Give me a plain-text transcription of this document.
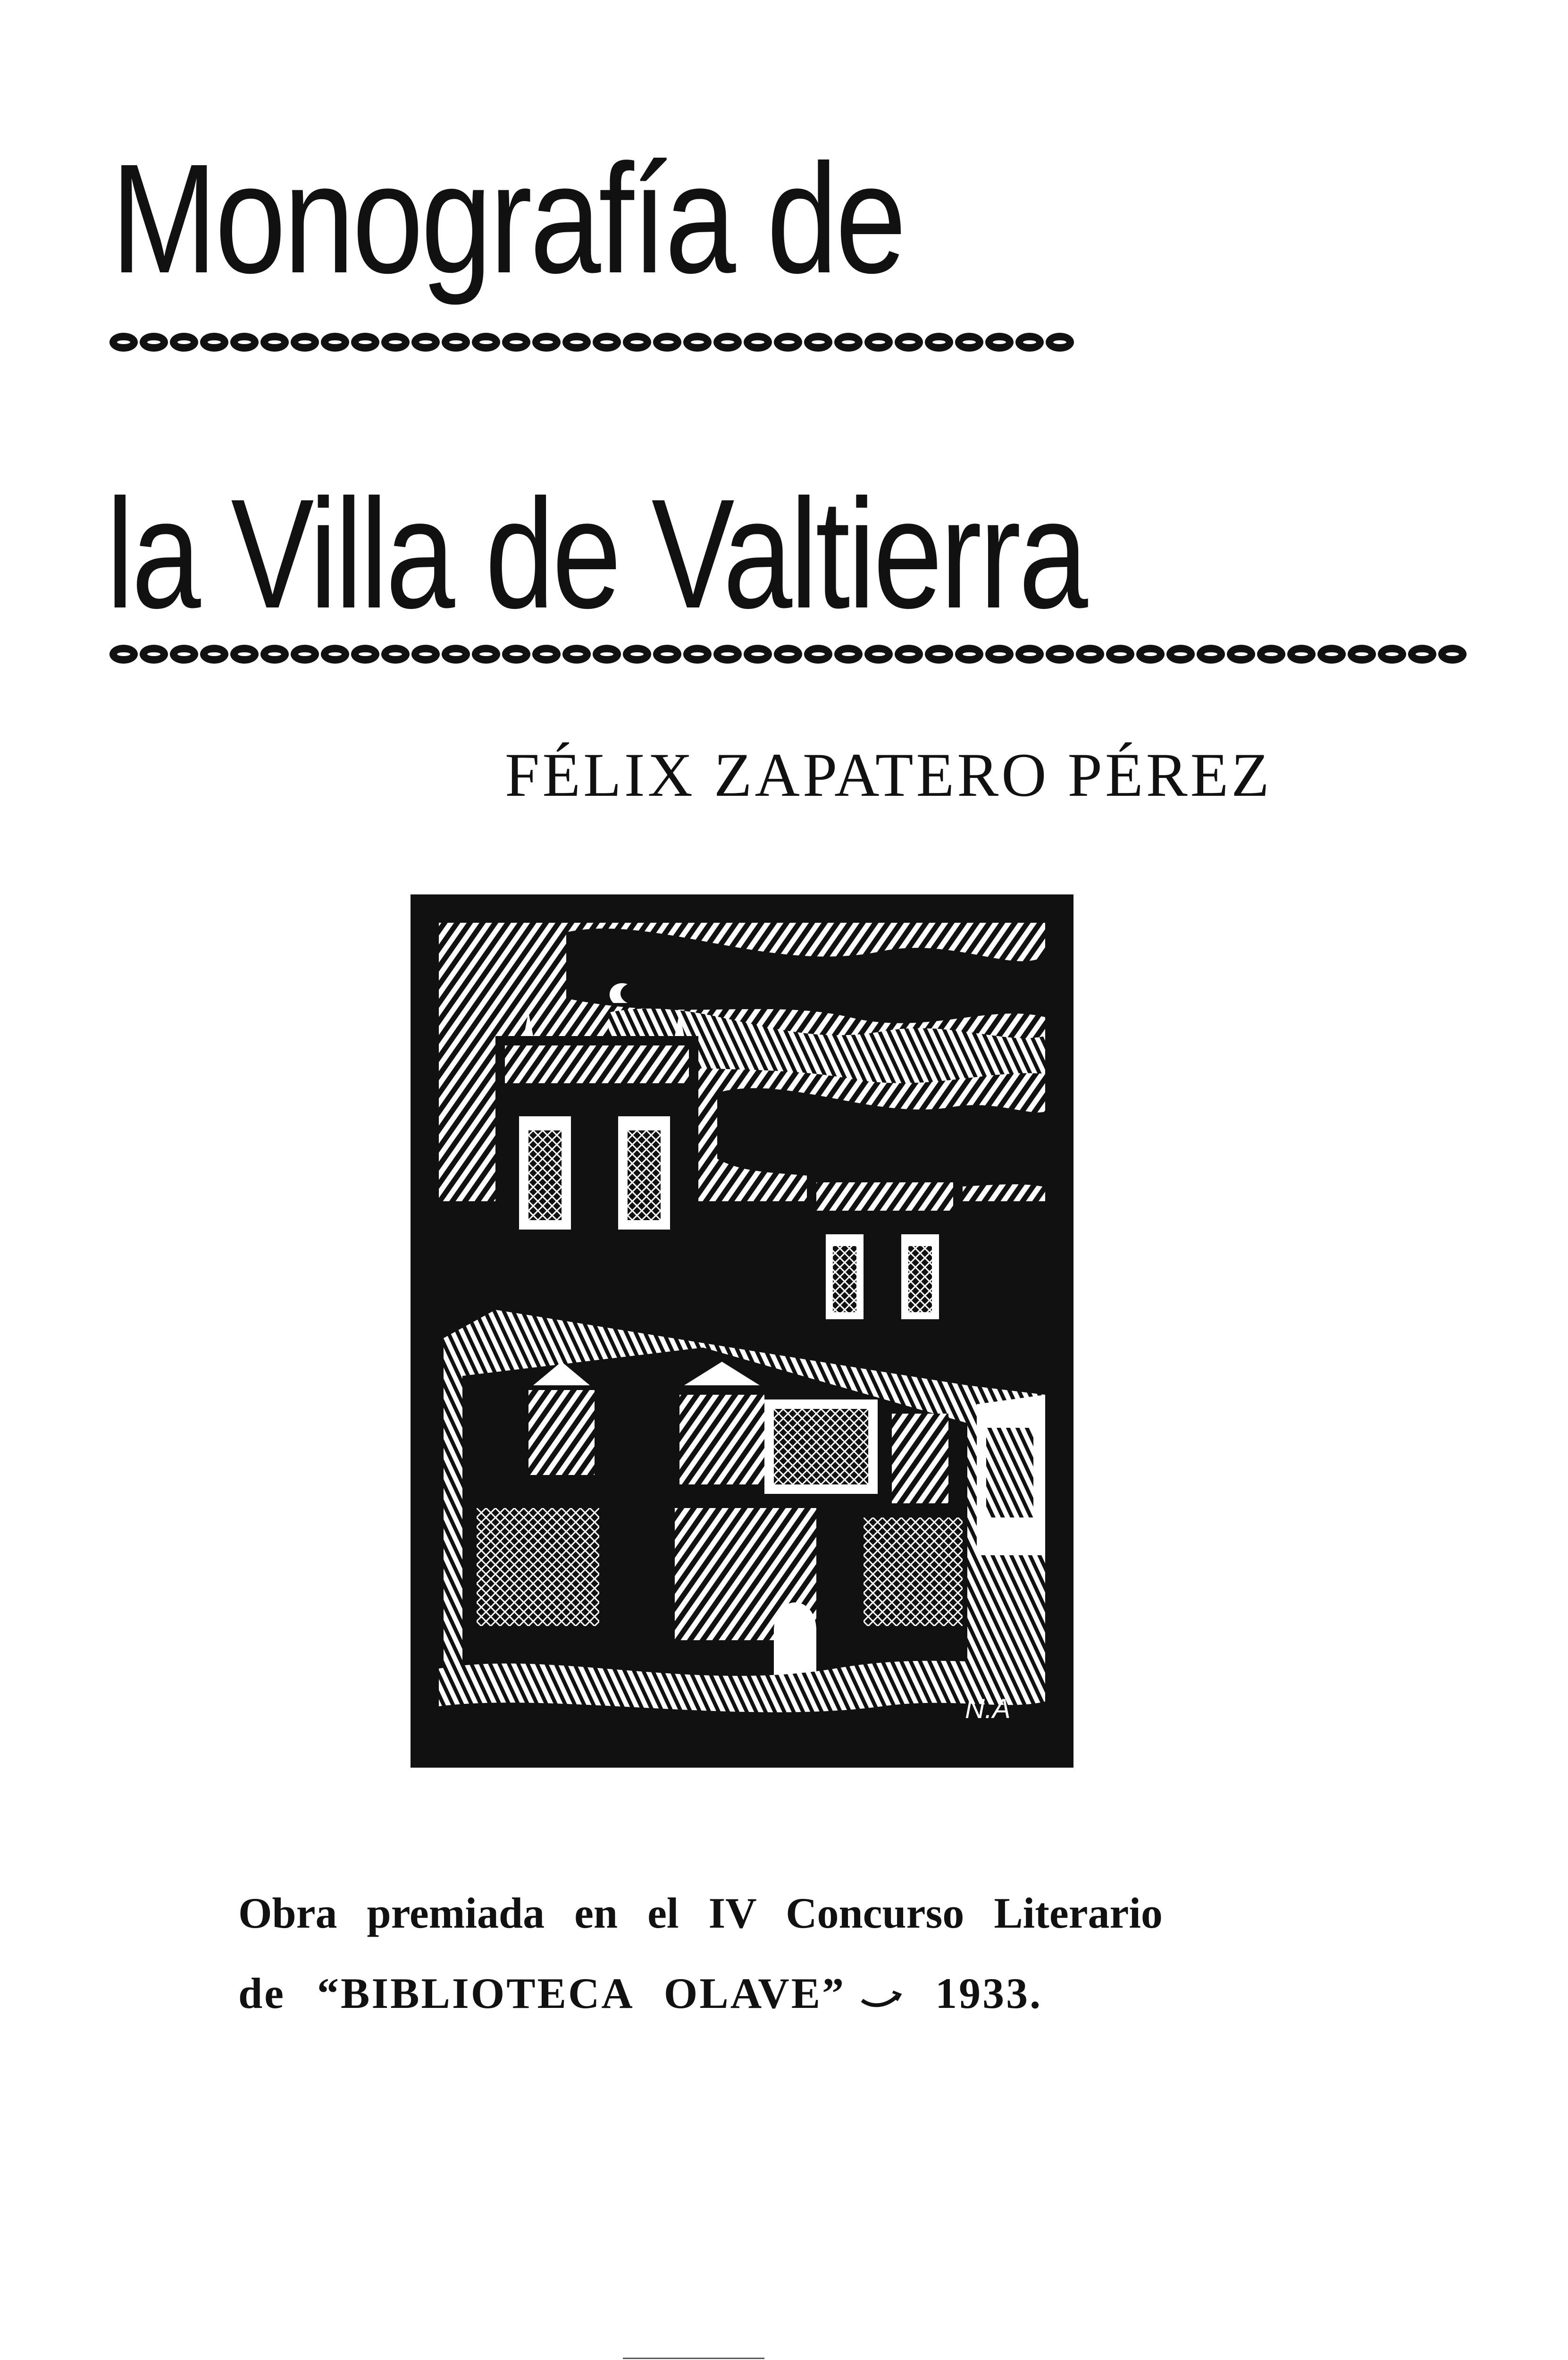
Monografía de
la Villa de Valtierra
FÉLIX ZAPATERO PÉREZ
N.A
Obra premiada en el IV Concurso Literario
de “BIBLIOTECA OLAVE” 1933.
